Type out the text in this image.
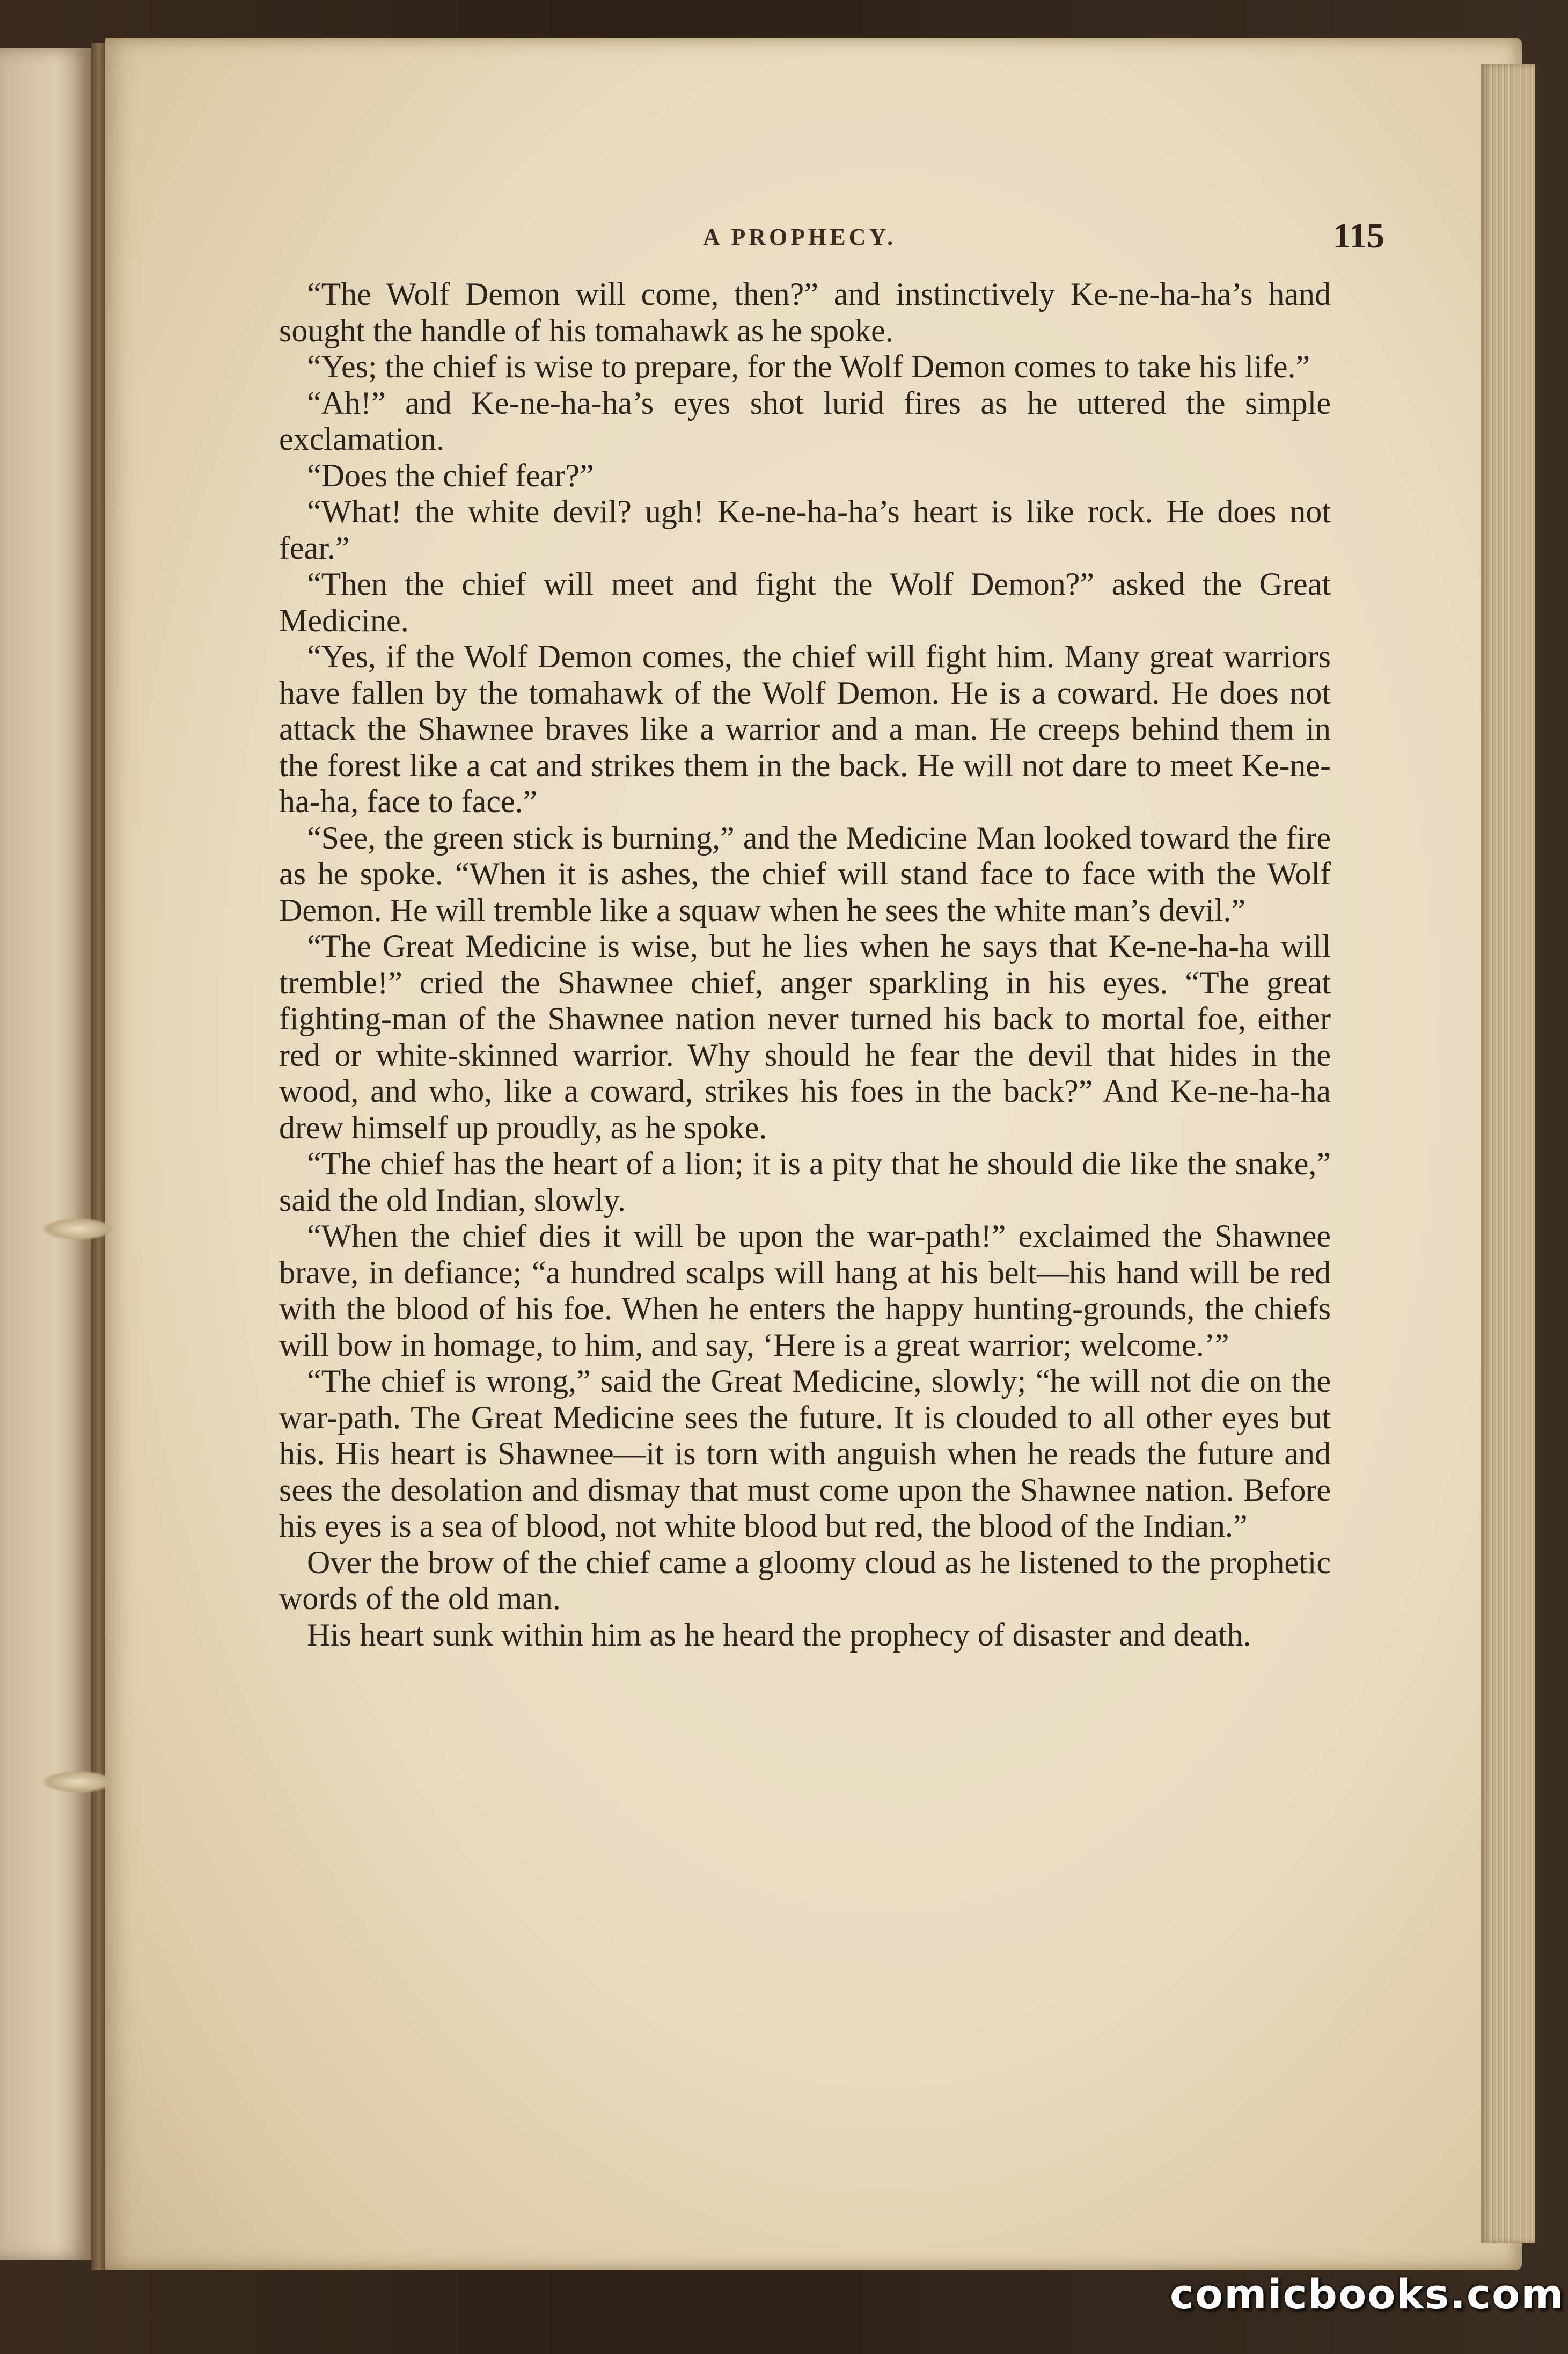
A PROPHECY.	115

“The Wolf Demon will come, then?” and instinctively Ke-ne-ha-ha’s hand sought the handle of his tomahawk as he spoke.

“Yes; the chief is wise to prepare, for the Wolf Demon comes to take his life.”

“Ah!” and Ke-ne-ha-ha’s eyes shot lurid fires as he uttered the simple exclamation.

“Does the chief fear?”

“What! the white devil? ugh! Ke-ne-ha-ha’s heart is like rock. He does not fear.”

“Then the chief will meet and fight the Wolf Demon?” asked the Great Medicine.

“Yes, if the Wolf Demon comes, the chief will fight him. Many great warriors have fallen by the tomahawk of the Wolf Demon. He is a coward. He does not attack the Shawnee braves like a warrior and a man. He creeps behind them in the forest like a cat and strikes them in the back. He will not dare to meet Ke-ne-ha-ha, face to face.”

“See, the green stick is burning,” and the Medicine Man looked toward the fire as he spoke. “When it is ashes, the chief will stand face to face with the Wolf Demon. He will tremble like a squaw when he sees the white man’s devil.”

“The Great Medicine is wise, but he lies when he says that Ke-ne-ha-ha will tremble!” cried the Shawnee chief, anger sparkling in his eyes. “The great fighting-man of the Shawnee nation never turned his back to mortal foe, either red or white-skinned warrior. Why should he fear the devil that hides in the wood, and who, like a coward, strikes his foes in the back?” And Ke-ne-ha-ha drew himself up proudly, as he spoke.

“The chief has the heart of a lion; it is a pity that he should die like the snake,” said the old Indian, slowly.

“When the chief dies it will be upon the war-path!” exclaimed the Shawnee brave, in defiance; “a hundred scalps will hang at his belt—his hand will be red with the blood of his foe. When he enters the happy hunting-grounds, the chiefs will bow in homage, to him, and say, ‘Here is a great warrior; welcome.’”

“The chief is wrong,” said the Great Medicine, slowly; “he will not die on the war-path. The Great Medicine sees the future. It is clouded to all other eyes but his. His heart is Shawnee—it is torn with anguish when he reads the future and sees the desolation and dismay that must come upon the Shawnee nation. Before his eyes is a sea of blood, not white blood but red, the blood of the Indian.”

Over the brow of the chief came a gloomy cloud as he listened to the prophetic words of the old man.

His heart sunk within him as he heard the prophecy of disaster and death.

comicbooks.com
